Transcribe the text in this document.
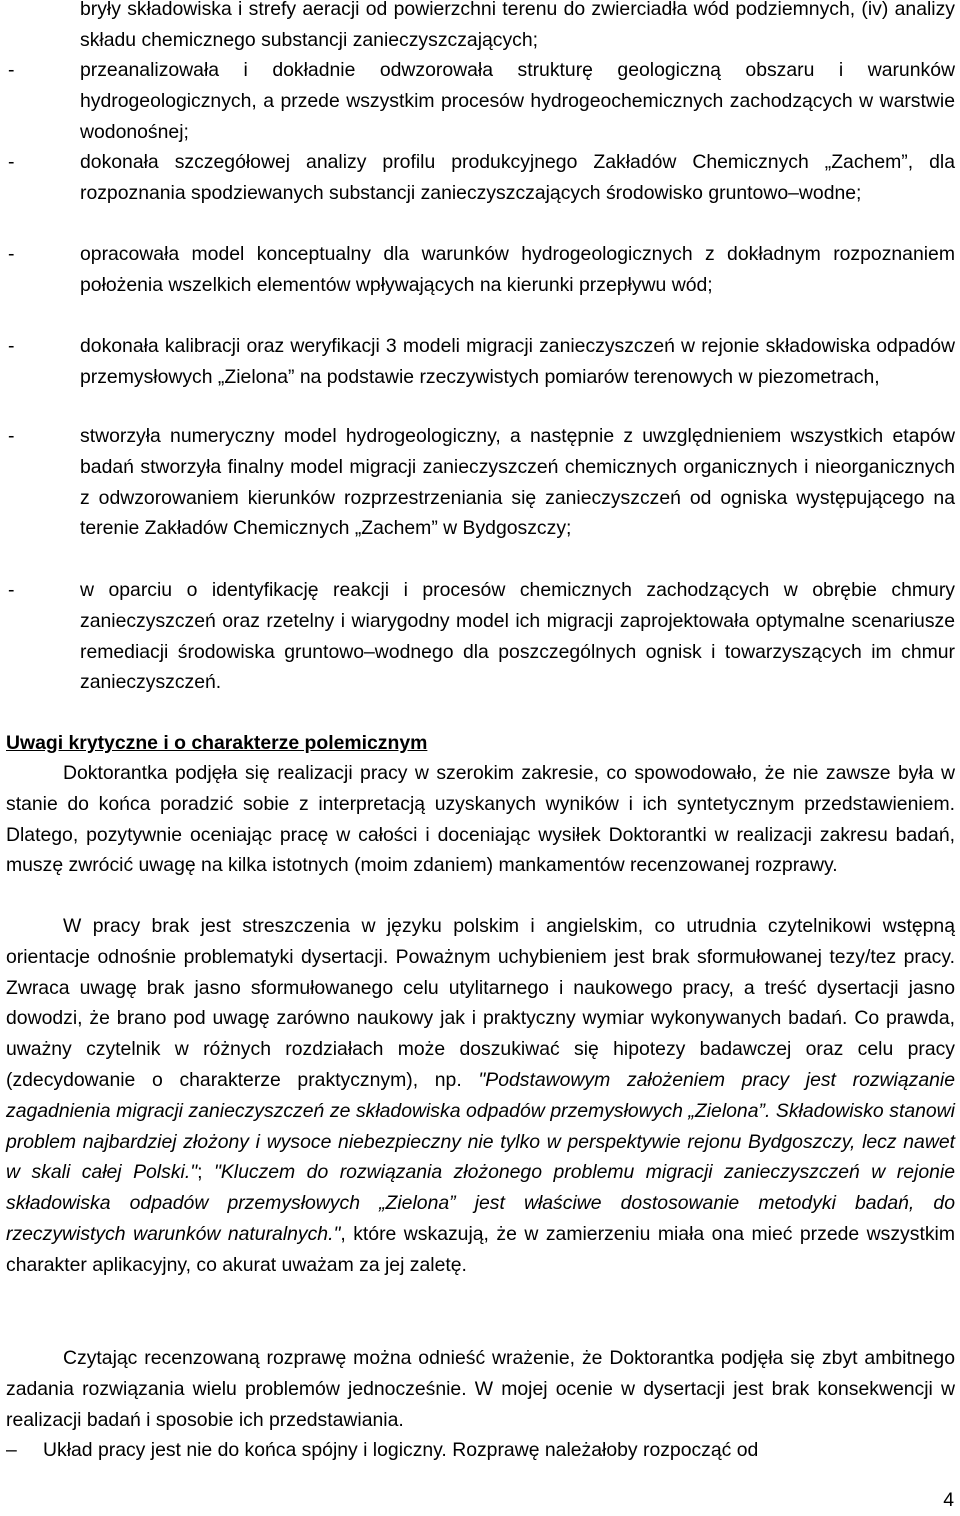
bryły składowiska i strefy aeracji od powierzchni terenu do zwierciadła wód podziemnych, (iv) analizy składu chemicznego substancji zanieczyszczających;

-	przeanalizowała i dokładnie odwzorowała strukturę geologiczną obszaru i warunków hydrogeologicznych, a przede wszystkim procesów hydrogeochemicznych zachodzących w warstwie wodonośnej;
-	dokonała szczegółowej analizy profilu produkcyjnego Zakładów Chemicznych „Zachem”, dla rozpoznania spodziewanych substancji zanieczyszczających środowisko gruntowo–wodne;
-	opracowała model konceptualny dla warunków hydrogeologicznych z dokładnym rozpoznaniem położenia wszelkich elementów wpływających na kierunki przepływu wód;
-	dokonała kalibracji oraz weryfikacji 3 modeli migracji zanieczyszczeń w rejonie składowiska odpadów przemysłowych „Zielona” na podstawie rzeczywistych pomiarów terenowych w piezometrach,
-	stworzyła numeryczny model hydrogeologiczny, a następnie z uwzględnieniem wszystkich etapów badań stworzyła finalny model migracji zanieczyszczeń chemicznych organicznych i nieorganicznych z odwzorowaniem kierunków rozprzestrzeniania się zanieczyszczeń od ogniska występującego na terenie Zakładów Chemicznych „Zachem” w Bydgoszczy;
-	w oparciu o identyfikację reakcji i procesów chemicznych zachodzących w obrębie chmury zanieczyszczeń oraz rzetelny i wiarygodny model ich migracji zaprojektowała optymalne scenariusze remediacji środowiska gruntowo–wodnego dla poszczególnych ognisk i towarzyszących im chmur zanieczyszczeń.
Uwagi krytyczne i o charakterze polemicznym

Doktorantka podjęła się realizacji pracy w szerokim zakresie, co spowodowało, że nie zawsze była w stanie do końca poradzić sobie z interpretacją uzyskanych wyników i ich syntetycznym przedstawieniem. Dlatego, pozytywnie oceniając pracę w całości i doceniając wysiłek Doktorantki w realizacji zakresu badań, muszę zwrócić uwagę na kilka istotnych (moim zdaniem) mankamentów recenzowanej rozprawy.

W pracy brak jest streszczenia w języku polskim i angielskim, co utrudnia czytelnikowi wstępną orientacje odnośnie problematyki dysertacji. Poważnym uchybieniem jest brak sformułowanej tezy/tez pracy. Zwraca uwagę brak jasno sformułowanego celu utylitarnego i naukowego pracy, a treść dysertacji jasno dowodzi, że brano pod uwagę zarówno naukowy jak i praktyczny wymiar wykonywanych badań. Co prawda, uważny czytelnik w różnych rozdziałach może doszukiwać się hipotezy badawczej oraz celu pracy (zdecydowanie o charakterze praktycznym), np. "Podstawowym założeniem pracy jest rozwiązanie zagadnienia migracji zanieczyszczeń ze składowiska odpadów przemysłowych „Zielona”. Składowisko stanowi problem najbardziej złożony i wysoce niebezpieczny nie tylko w perspektywie rejonu Bydgoszczy, lecz nawet w skali całej Polski."; "Kluczem do rozwiązania złożonego problemu migracji zanieczyszczeń w rejonie składowiska odpadów przemysłowych „Zielona” jest właściwe dostosowanie metodyki badań, do rzeczywistych warunków naturalnych.", które wskazują, że w zamierzeniu miała ona mieć przede wszystkim charakter aplikacyjny, co akurat uważam za jej zaletę.

Czytając recenzowaną rozprawę można odnieść wrażenie, że Doktorantka podjęła się zbyt ambitnego zadania rozwiązania wielu problemów jednocześnie. W mojej ocenie w dysertacji jest brak konsekwencji w realizacji badań i sposobie ich przedstawiania.

– Układ pracy jest nie do końca spójny i logiczny. Rozprawę należałoby rozpocząć od

4
